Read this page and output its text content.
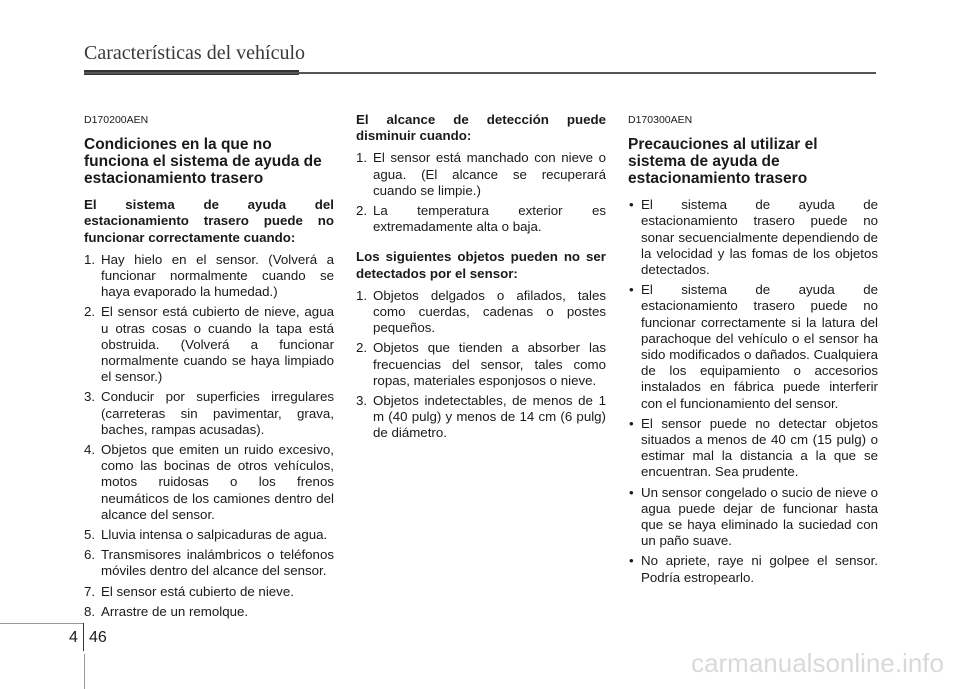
Características del vehículo
D170200AEN
Condiciones en la que no funciona el sistema de ayuda de estacionamiento trasero
El sistema de ayuda del estacionamiento trasero puede no funcionar correctamente cuando:
1. Hay hielo en el sensor. (Volverá a funcionar normalmente cuando se haya evaporado la humedad.)
2. El sensor está cubierto de nieve, agua u otras cosas o cuando la tapa está obstruida. (Volverá a funcionar normalmente cuando se haya limpiado el sensor.)
3. Conducir por superficies irregulares (carreteras sin pavimentar, grava, baches, rampas acusadas).
4. Objetos que emiten un ruido excesivo, como las bocinas de otros vehículos, motos ruidosas o los frenos neumáticos de los camiones dentro del alcance del sensor.
5. Lluvia intensa o salpicaduras de agua.
6. Transmisores inalámbricos o teléfonos móviles dentro del alcance del sensor.
7. El sensor está cubierto de nieve.
8. Arrastre de un remolque.
El alcance de detección puede disminuir cuando:
1. El sensor está manchado con nieve o agua. (El alcance se recuperará cuando se limpie.)
2. La temperatura exterior es extremadamente alta o baja.
Los siguientes objetos pueden no ser detectados por el sensor:
1. Objetos delgados o afilados, tales como cuerdas, cadenas o postes pequeños.
2. Objetos que tienden a absorber las frecuencias del sensor, tales como ropas, materiales esponjosos o nieve.
3. Objetos indetectables, de menos de 1 m (40 pulg) y menos de 14 cm (6 pulg) de diámetro.
D170300AEN
Precauciones al utilizar el sistema de ayuda de estacionamiento trasero
• El sistema de ayuda de estacionamiento trasero puede no sonar secuencialmente dependiendo de la velocidad y las fomas de los objetos detectados.
• El sistema de ayuda de estacionamiento trasero puede no funcionar correctamente si la latura del parachoque del vehículo o el sensor ha sido modificados o dañados. Cualquiera de los equipamiento o accesorios instalados en fábrica puede interferir con el funcionamiento del sensor.
• El sensor puede no detectar objetos situados a menos de 40 cm (15 pulg) o estimar mal la distancia a la que se encuentran. Sea prudente.
• Un sensor congelado o sucio de nieve o agua puede dejar de funcionar hasta que se haya eliminado la suciedad con un paño suave.
• No apriete, raye ni golpee el sensor. Podría estropearlo.
4 46
carmanualsonline.info
